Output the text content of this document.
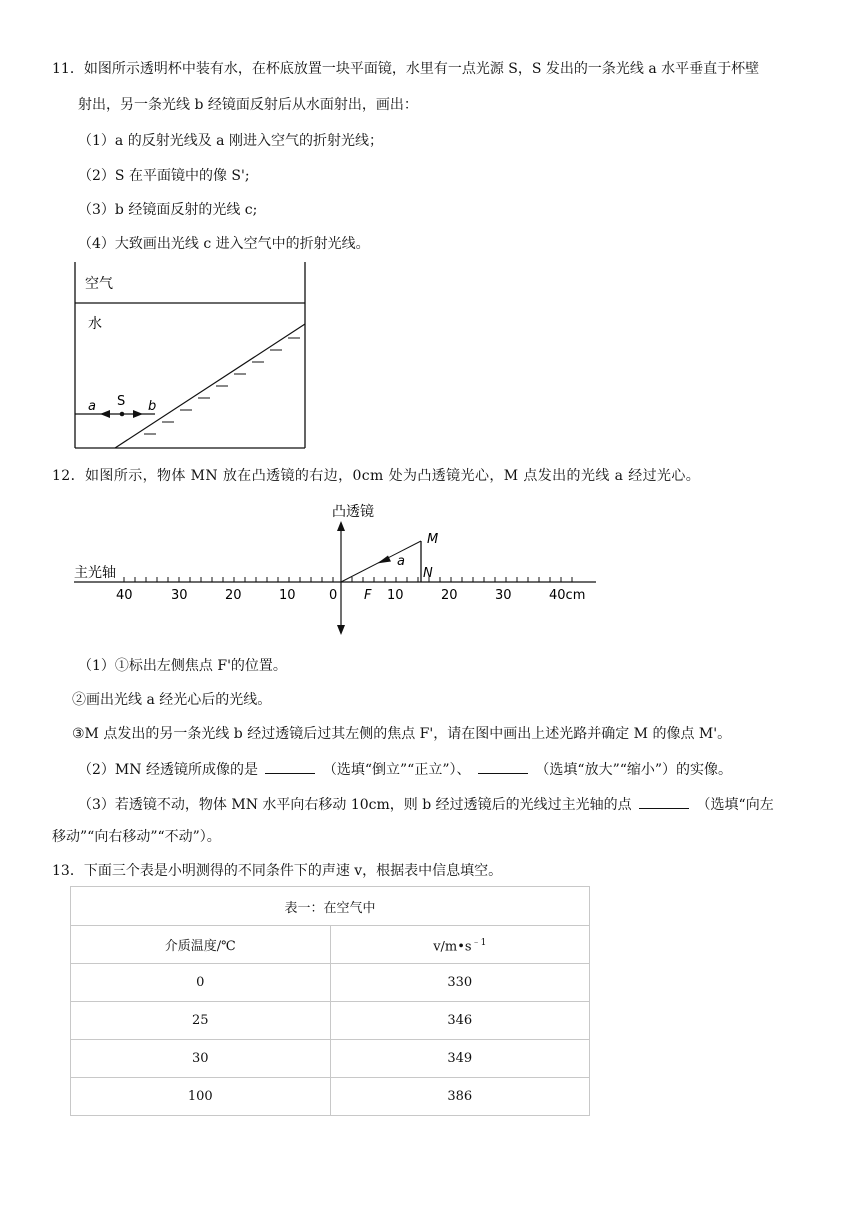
11．如图所示透明杯中装有水，在杯底放置一块平面镜，水里有一点光源 S，S 发出的一条光线 a 水平垂直于杯壁
射出，另一条光线 b 经镜面反射后从水面射出，画出：
（1）a 的反射光线及 a 刚进入空气的折射光线；
（2）S 在平面镜中的像 S';
（3）b 经镜面反射的光线 c;
（4）大致画出光线 c 进入空气中的折射光线。
空气
水
a S b
12．如图所示，物体 MN 放在凸透镜的右边，0cm 处为凸透镜光心，M 点发出的光线 a 经过光心。
凸透镜
主光轴
40	30	20	10	0 F 10	20	30	40cm
M
N
a
（1）①标出左侧焦点 F'的位置。
②画出光线 a 经光心后的光线。
③M 点发出的另一条光线 b 经过透镜后过其左侧的焦点 F'，请在图中画出上述光路并确定 M 的像点 M'。
（2）MN 经透镜所成像的是	（选填“倒立”“正立”）、	（选填“放大”“缩小”）的实像。
（3）若透镜不动，物体 MN 水平向右移动 10cm，则 b 经过透镜后的光线过主光轴的点	（选填“向左
移动”“向右移动”“不动”）。
13．下面三个表是小明测得的不同条件下的声速 v，根据表中信息填空。
表一：在空气中	
介质温度/℃	$v/m•s^{﹣1}$
0	330
25	346
30	349
100	386
